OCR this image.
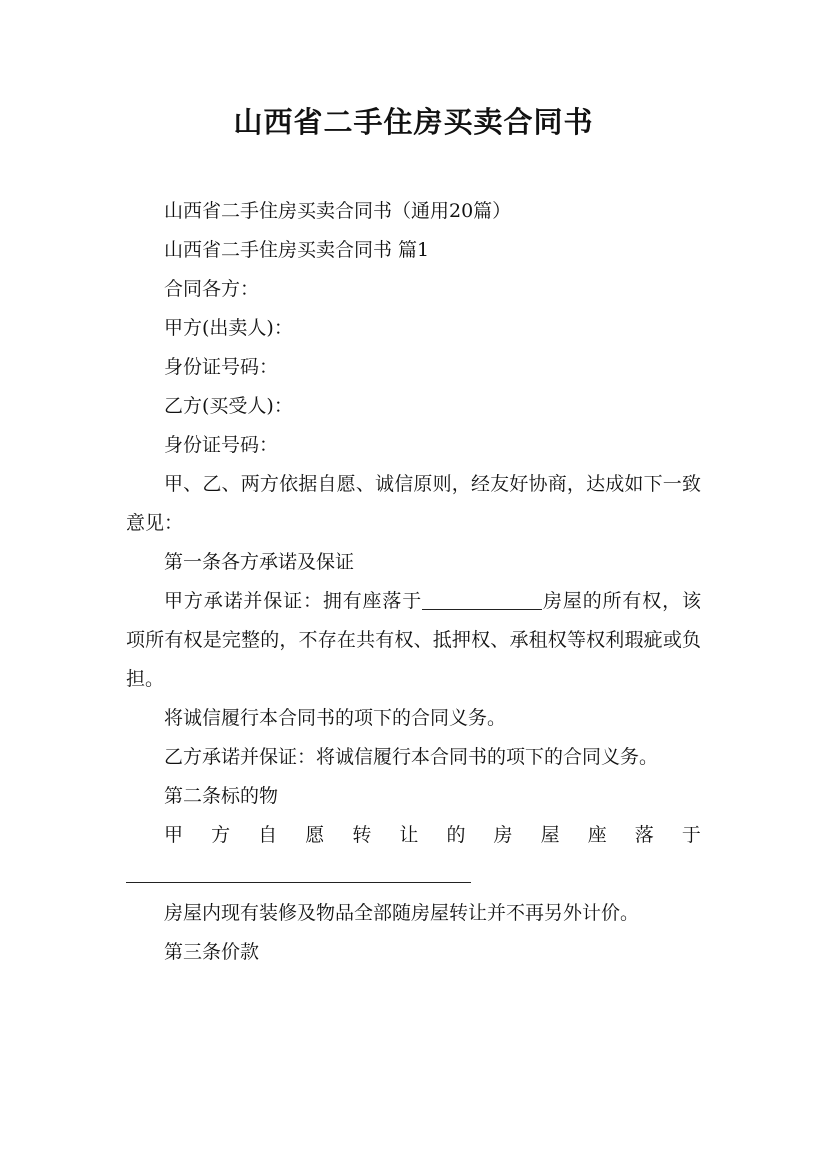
山西省二手住房买卖合同书

山西省二手住房买卖合同书（通用20篇）

山西省二手住房买卖合同书 篇1

合同各方：

甲方(出卖人)：

身份证号码：

乙方(买受人)：

身份证号码：

甲、乙、两方依据自愿、诚信原则，经友好协商，达成如下一致意见：

第一条各方承诺及保证

甲方承诺并保证：拥有座落于	房屋的所有权，该项所有权是完整的，不存在共有权、抵押权、承租权等权利瑕疵或负担。

将诚信履行本合同书的项下的合同义务。

乙方承诺并保证：将诚信履行本合同书的项下的合同义务。

第二条标的物

甲 方 自 愿 转 让 的 房 屋 座 落 于

房屋内现有装修及物品全部随房屋转让并不再另外计价。

第三条价款
